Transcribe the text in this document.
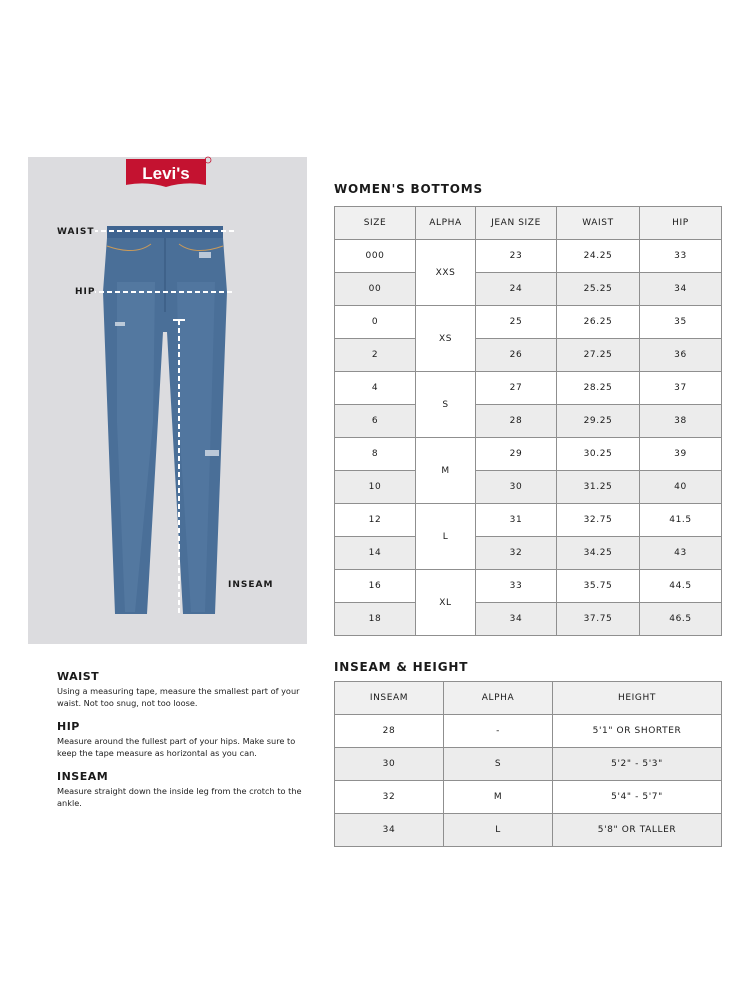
Levi's
WAIST
HIP
INSEAM
WAIST

Using a measuring tape, measure the smallest part of your waist. Not too snug, not too loose.

HIP

Measure around the fullest part of your hips. Make sure to keep the tape measure as horizontal as you can.

INSEAM

Measure straight down the inside leg from the crotch to the ankle.

WOMEN'S BOTTOMS
SIZE	ALPHA	JEAN SIZE	WAIST	HIP
000	XXS	23	24.25	33
00		24	25.25	34
0	XS	25	26.25	35
2		26	27.25	36
4	S	27	28.25	37
6		28	29.25	38
8	M	29	30.25	39
10		30	31.25	40
12	L	31	32.75	41.5
14		32	34.25	43
16	XL	33	35.75	44.5
18		34	37.75	46.5
INSEAM & HEIGHT
INSEAM	ALPHA	HEIGHT
28	-	5'1" OR SHORTER
30	S	5'2" - 5'3"
32	M	5'4" - 5'7"
34	L	5'8" OR TALLER
